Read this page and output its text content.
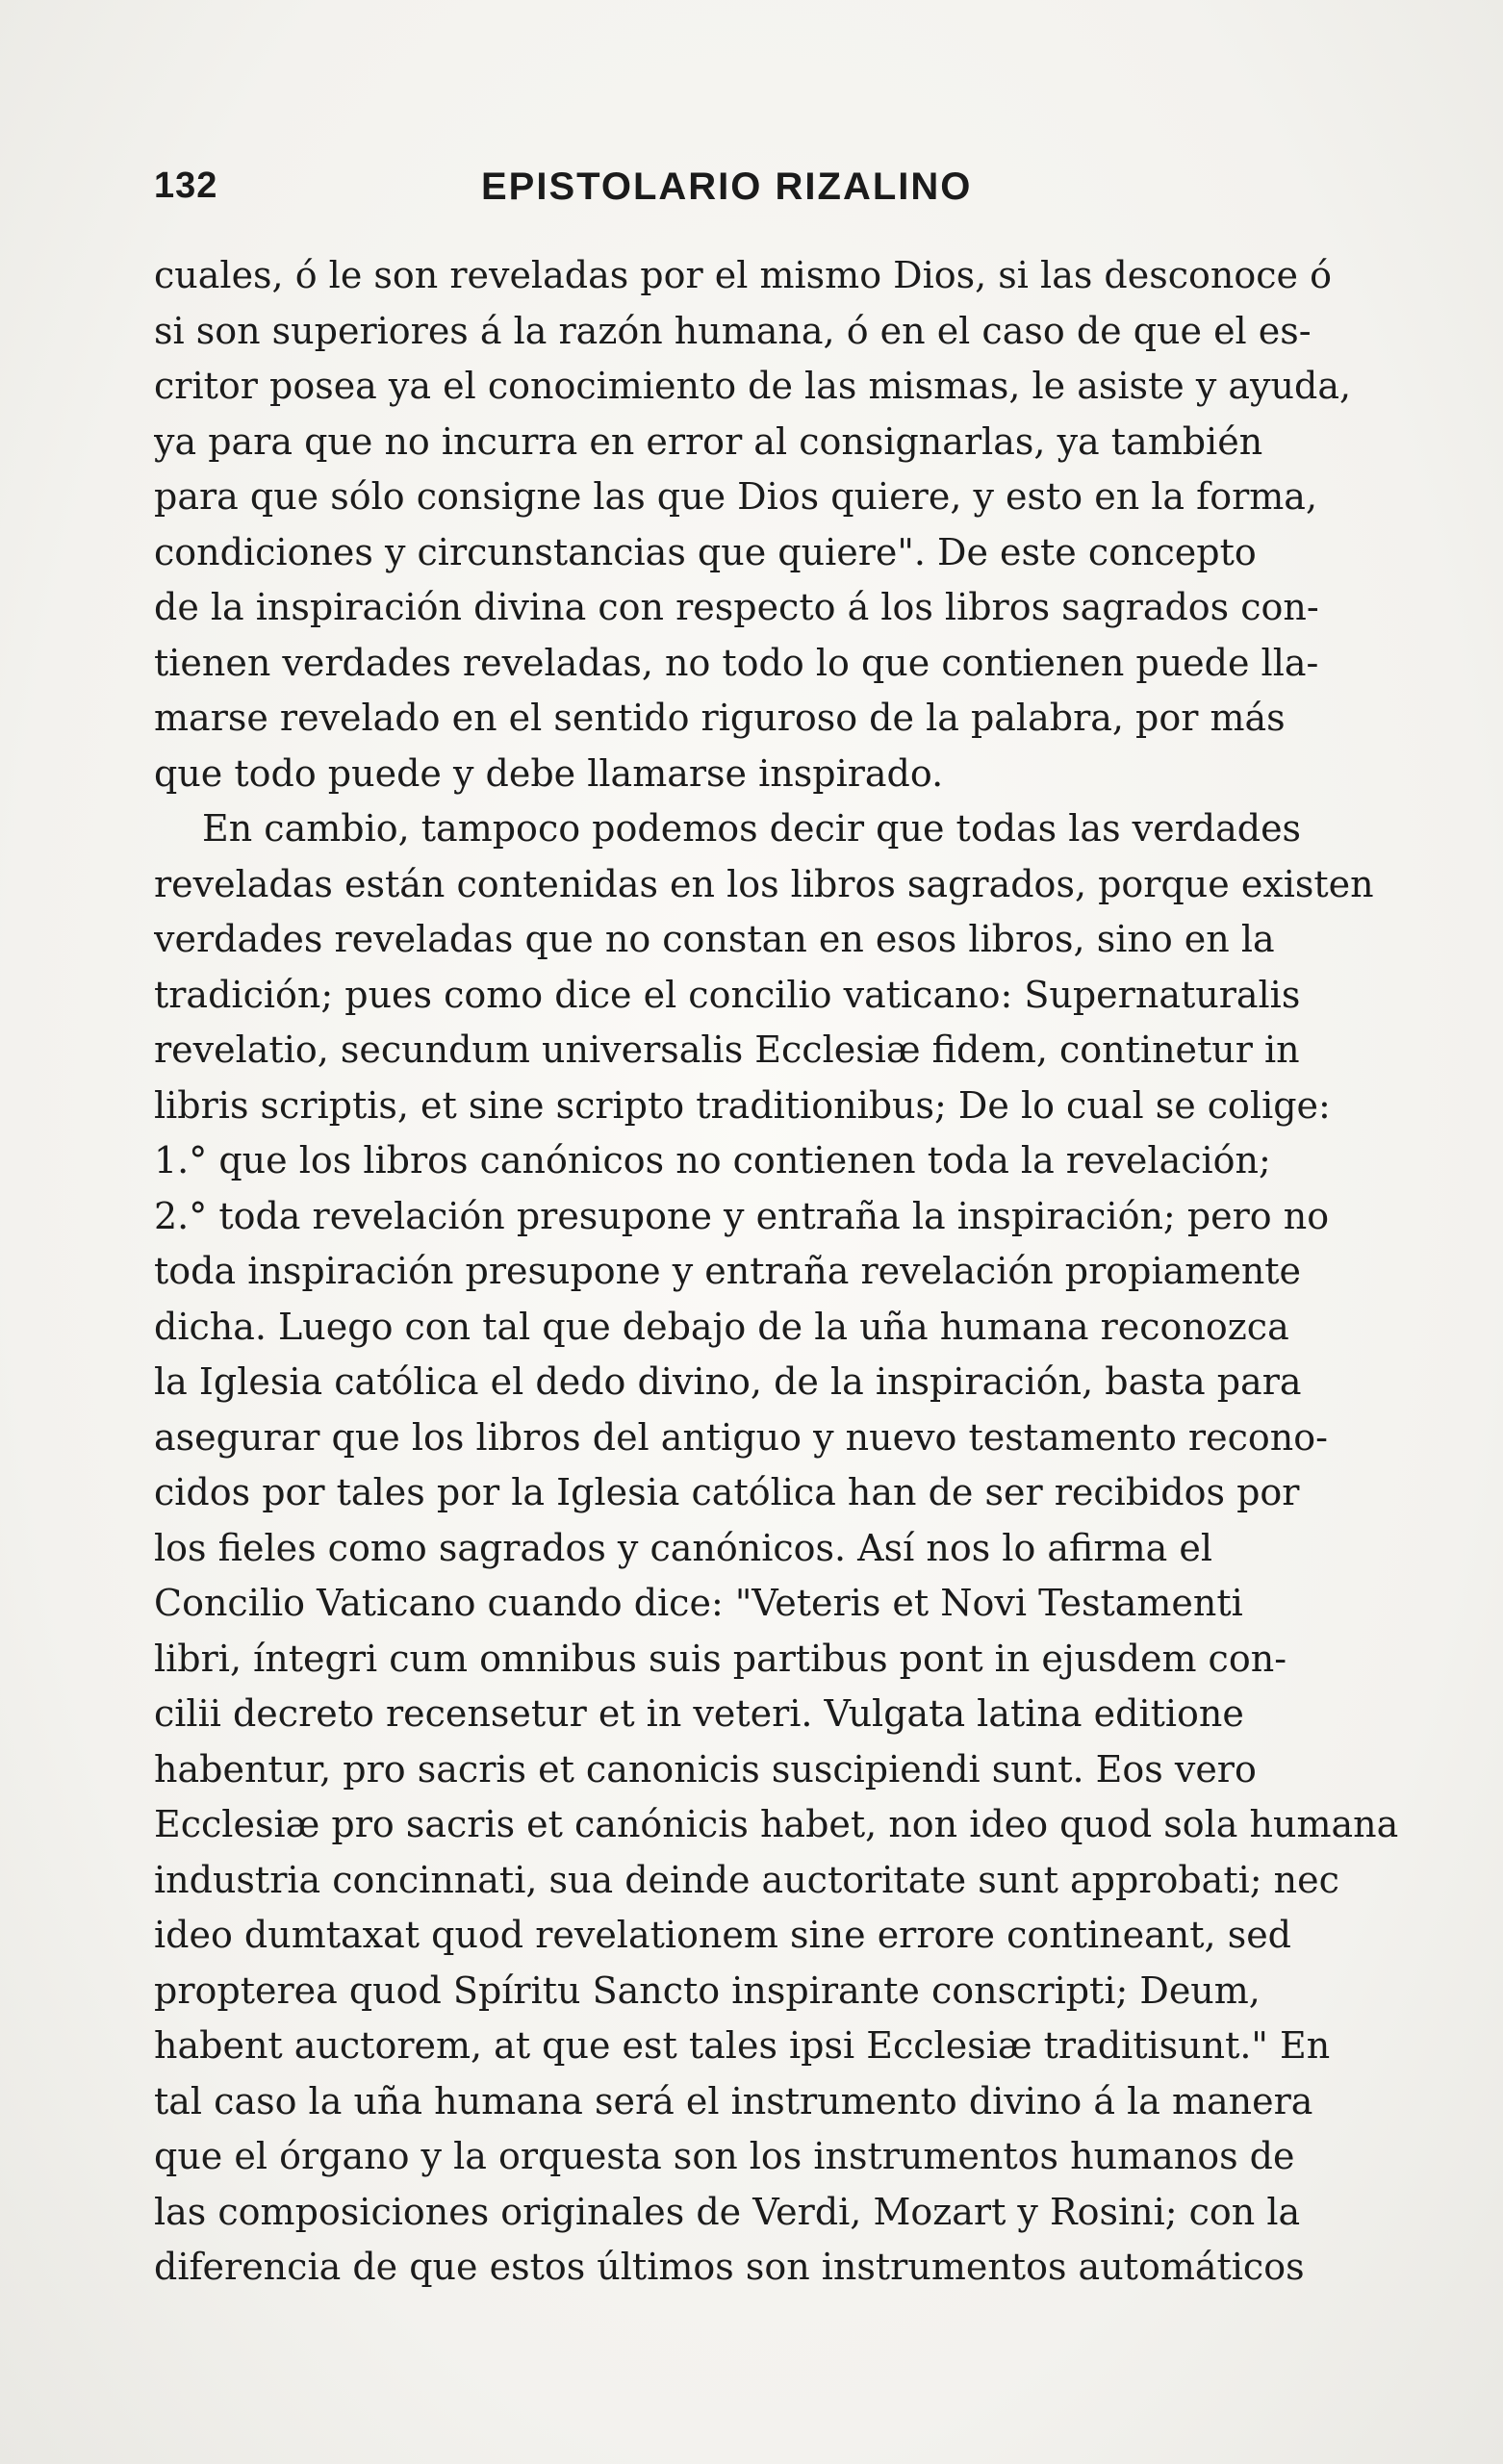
132	EPISTOLARIO RIZALINO
cuales, ó le son reveladas por el mismo Dios, si las desconoce ó
si son superiores á la razón humana, ó en el caso de que el es-
critor posea ya el conocimiento de las mismas, le asiste y ayuda,
ya para que no incurra en error al consignarlas, ya también
para que sólo consigne las que Dios quiere, y esto en la forma,
condiciones y circunstancias que quiere". De este concepto
de la inspiración divina con respecto á los libros sagrados con-
tienen verdades reveladas, no todo lo que contienen puede lla-
marse revelado en el sentido riguroso de la palabra, por más
que todo puede y debe llamarse inspirado.
En cambio, tampoco podemos decir que todas las verdades
reveladas están contenidas en los libros sagrados, porque existen
verdades reveladas que no constan en esos libros, sino en la
tradición; pues como dice el concilio vaticano: Supernaturalis
revelatio, secundum universalis Ecclesiæ fidem, continetur in
libris scriptis, et sine scripto traditionibus; De lo cual se colige:
1.° que los libros canónicos no contienen toda la revelación;
2.° toda revelación presupone y entraña la inspiración; pero no
toda inspiración presupone y entraña revelación propiamente
dicha. Luego con tal que debajo de la uña humana reconozca
la Iglesia católica el dedo divino, de la inspiración, basta para
asegurar que los libros del antiguo y nuevo testamento recono-
cidos por tales por la Iglesia católica han de ser recibidos por
los fieles como sagrados y canónicos. Así nos lo afirma el
Concilio Vaticano cuando dice: "Veteris et Novi Testamenti
libri, íntegri cum omnibus suis partibus pont in ejusdem con-
cilii decreto recensetur et in veteri. Vulgata latina editione
habentur, pro sacris et canonicis suscipiendi sunt. Eos vero
Ecclesiæ pro sacris et canónicis habet, non ideo quod sola humana
industria concinnati, sua deinde auctoritate sunt approbati; nec
ideo dumtaxat quod revelationem sine errore contineant, sed
propterea quod Spíritu Sancto inspirante conscripti; Deum,
habent auctorem, at que est tales ipsi Ecclesiæ traditisunt." En
tal caso la uña humana será el instrumento divino á la manera
que el órgano y la orquesta son los instrumentos humanos de
las composiciones originales de Verdi, Mozart y Rosini; con la
diferencia de que estos últimos son instrumentos automáticos
